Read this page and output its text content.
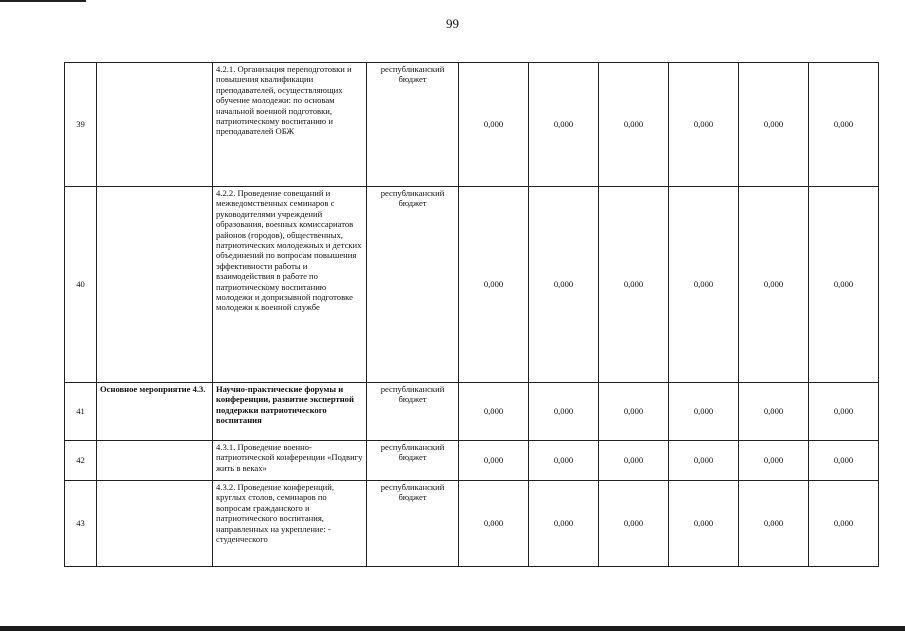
99
39		4.2.1. Организация переподготовки и повышения квалификации преподавателей, осуществляющих обучение молодежи: по основам начальной военной подготовки, патриотическому воспитанию и преподавателей ОБЖ	республиканский бюджет	0,000	0,000	0,000	0,000	0,000	0,000
40		4.2.2. Проведение совещаний и межведомственных семинаров с руководителями учреждений образования, военных комиссариатов районов (городов), общественных, патриотических молодежных и детских объединений по вопросам повышения эффективности работы и взаимодействия в работе по патриотическому воспитанию молодежи и допризывной подготовке молодежи к военной службе	республиканский бюджет	0,000	0,000	0,000	0,000	0,000	0,000
41	Основное мероприятие 4.3.	Научно-практические форумы и конференции, развитие экспертной поддержки патриотического воспитания	республиканский бюджет	0,000	0,000	0,000	0,000	0,000	0,000
42		4.3.1. Проведение военно-патриотической конференции «Подвигу жить в веках»	республиканский бюджет	0,000	0,000	0,000	0,000	0,000	0,000
43		4.3.2. Проведение конференций, круглых столов, семинаров по вопросам гражданского и патриотического воспитания, направленных на укрепление: - студенческого	республиканский бюджет	0,000	0,000	0,000	0,000	0,000	0,000
